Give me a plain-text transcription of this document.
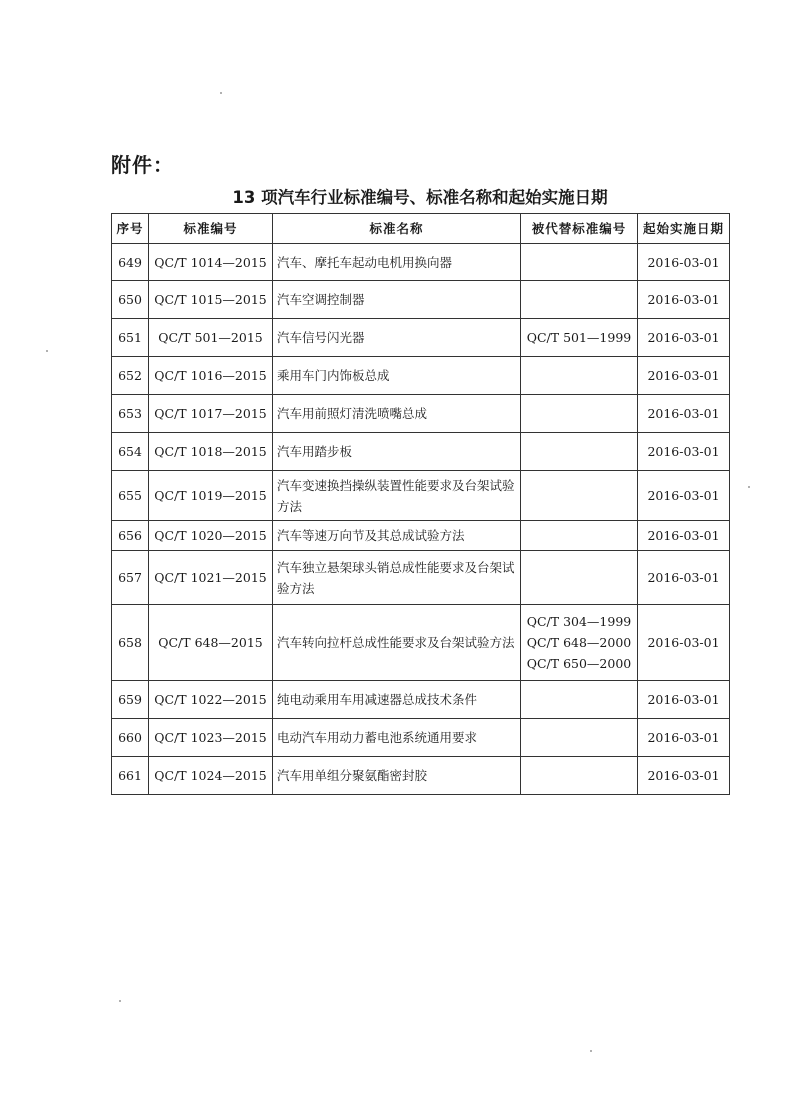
附件：
13 项汽车行业标准编号、标准名称和起始实施日期
序号	标准编号	标准名称	被代替标准编号	起始实施日期
649	QC/T 1014—2015	汽车、摩托车起动电机用换向器		2016-03-01
650	QC/T 1015—2015	汽车空调控制器		2016-03-01
651	QC/T 501—2015	汽车信号闪光器	QC/T 501—1999	2016-03-01
652	QC/T 1016—2015	乘用车门内饰板总成		2016-03-01
653	QC/T 1017—2015	汽车用前照灯清洗喷嘴总成		2016-03-01
654	QC/T 1018—2015	汽车用踏步板		2016-03-01
655	QC/T 1019—2015	汽车变速换挡操纵装置性能要求及台架试验方法		2016-03-01
656	QC/T 1020—2015	汽车等速万向节及其总成试验方法		2016-03-01
657	QC/T 1021—2015	汽车独立悬架球头销总成性能要求及台架试验方法		2016-03-01
658	QC/T 648—2015	汽车转向拉杆总成性能要求及台架试验方法	QC/T 304—1999
QC/T 648—2000
QC/T 650—2000	2016-03-01
659	QC/T 1022—2015	纯电动乘用车用减速器总成技术条件		2016-03-01
660	QC/T 1023—2015	电动汽车用动力蓄电池系统通用要求		2016-03-01
661	QC/T 1024—2015	汽车用单组分聚氨酯密封胶		2016-03-01
